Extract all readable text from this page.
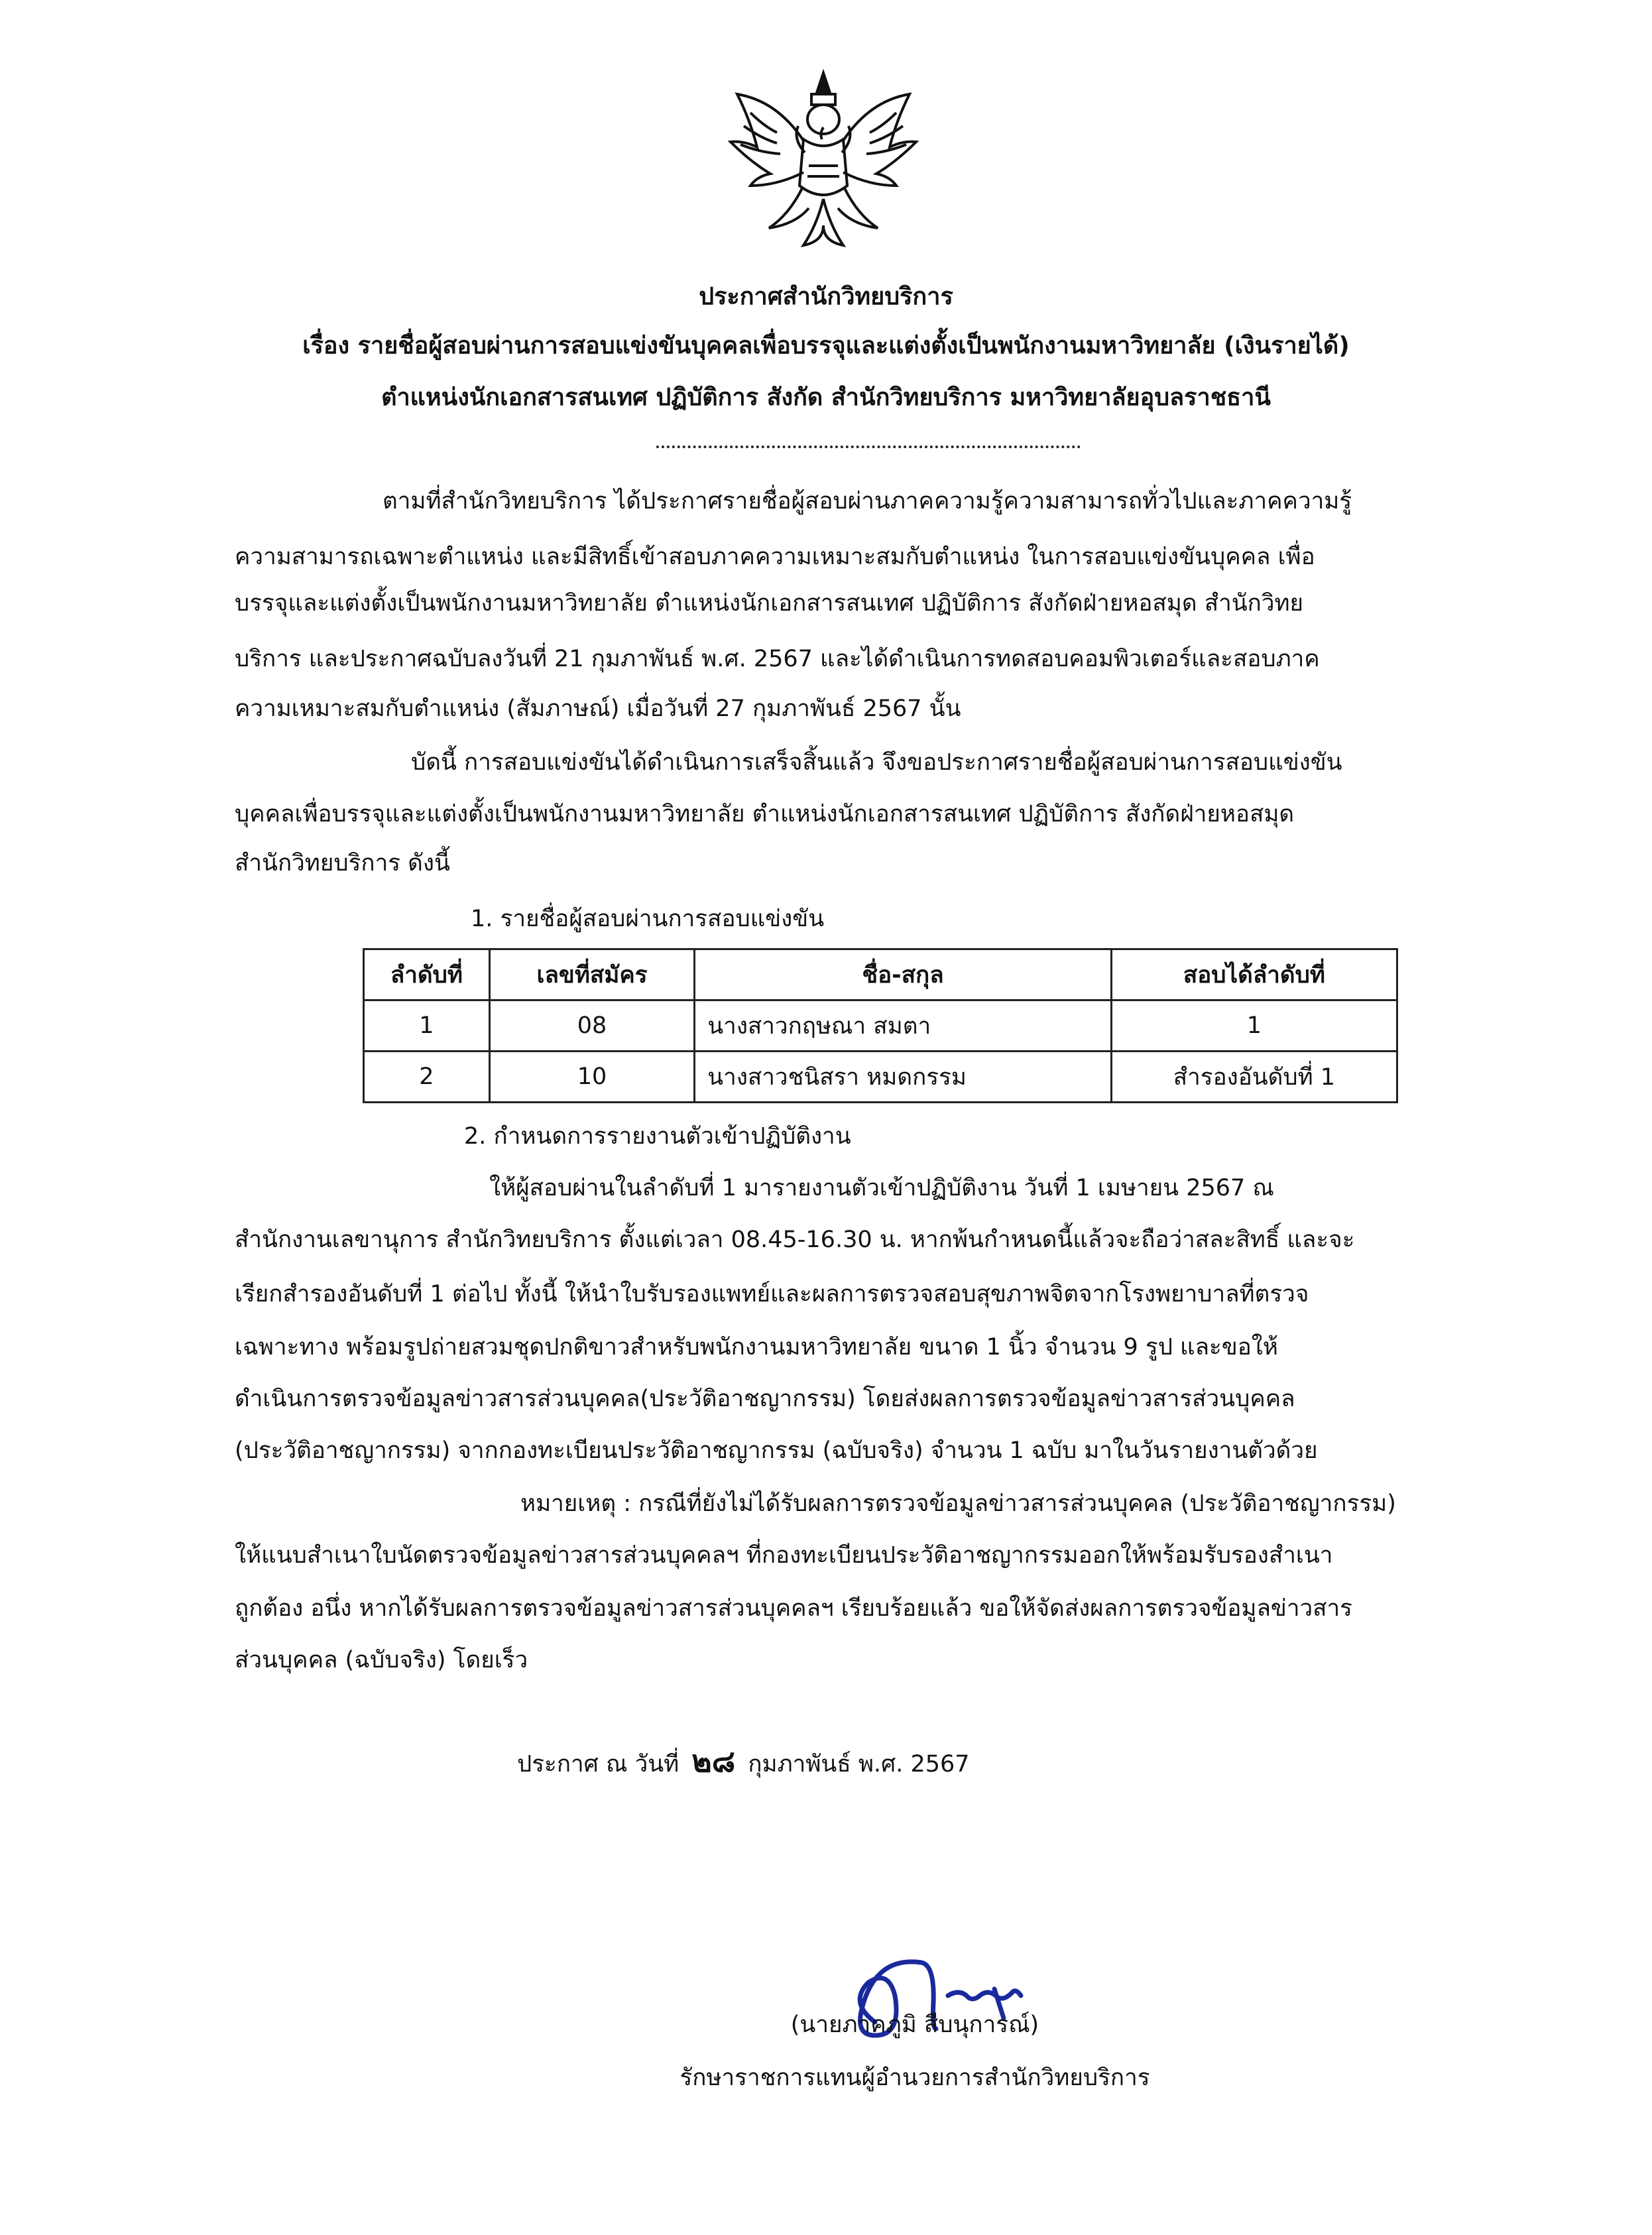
ประกาศสำนักวิทยบริการ
เรื่อง รายชื่อผู้สอบผ่านการสอบแข่งขันบุคคลเพื่อบรรจุและแต่งตั้งเป็นพนักงานมหาวิทยาลัย (เงินรายได้)
ตำแหน่งนักเอกสารสนเทศ ปฏิบัติการ สังกัด สำนักวิทยบริการ มหาวิทยาลัยอุบลราชธานี
ตามที่สำนักวิทยบริการ ได้ประกาศรายชื่อผู้สอบผ่านภาคความรู้ความสามารถทั่วไปและภาคความรู้
ความสามารถเฉพาะตำแหน่ง และมีสิทธิ์เข้าสอบภาคความเหมาะสมกับตำแหน่ง ในการสอบแข่งขันบุคคล เพื่อ
บรรจุและแต่งตั้งเป็นพนักงานมหาวิทยาลัย ตำแหน่งนักเอกสารสนเทศ ปฏิบัติการ สังกัดฝ่ายหอสมุด สำนักวิทย
บริการ และประกาศฉบับลงวันที่ 21 กุมภาพันธ์ พ.ศ. 2567 และได้ดำเนินการทดสอบคอมพิวเตอร์และสอบภาค
ความเหมาะสมกับตำแหน่ง (สัมภาษณ์) เมื่อวันที่ 27 กุมภาพันธ์ 2567 นั้น
บัดนี้ การสอบแข่งขันได้ดำเนินการเสร็จสิ้นแล้ว จึงขอประกาศรายชื่อผู้สอบผ่านการสอบแข่งขัน
บุคคลเพื่อบรรจุและแต่งตั้งเป็นพนักงานมหาวิทยาลัย ตำแหน่งนักเอกสารสนเทศ ปฏิบัติการ สังกัดฝ่ายหอสมุด
สำนักวิทยบริการ ดังนี้
1. รายชื่อผู้สอบผ่านการสอบแข่งขัน
ลำดับที่	เลขที่สมัคร	ชื่อ-สกุล	สอบได้ลำดับที่
1	08	นางสาวกฤษณา สมตา	1
2	10	นางสาวชนิสรา หมดกรรม	สำรองอันดับที่ 1
2. กำหนดการรายงานตัวเข้าปฏิบัติงาน
ให้ผู้สอบผ่านในลำดับที่ 1 มารายงานตัวเข้าปฏิบัติงาน วันที่ 1 เมษายน 2567 ณ
สำนักงานเลขานุการ สำนักวิทยบริการ ตั้งแต่เวลา 08.45-16.30 น. หากพ้นกำหนดนี้แล้วจะถือว่าสละสิทธิ์ และจะ
เรียกสำรองอันดับที่ 1 ต่อไป ทั้งนี้ ให้นำใบรับรองแพทย์และผลการตรวจสอบสุขภาพจิตจากโรงพยาบาลที่ตรวจ
เฉพาะทาง พร้อมรูปถ่ายสวมชุดปกติขาวสำหรับพนักงานมหาวิทยาลัย ขนาด 1 นิ้ว จำนวน 9 รูป และขอให้
ดำเนินการตรวจข้อมูลข่าวสารส่วนบุคคล(ประวัติอาชญากรรม) โดยส่งผลการตรวจข้อมูลข่าวสารส่วนบุคคล
(ประวัติอาชญากรรม) จากกองทะเบียนประวัติอาชญากรรม (ฉบับจริง) จำนวน 1 ฉบับ มาในวันรายงานตัวด้วย
หมายเหตุ : กรณีที่ยังไม่ได้รับผลการตรวจข้อมูลข่าวสารส่วนบุคคล (ประวัติอาชญากรรม)
ให้แนบสำเนาใบนัดตรวจข้อมูลข่าวสารส่วนบุคคลฯ ที่กองทะเบียนประวัติอาชญากรรมออกให้พร้อมรับรองสำเนา
ถูกต้อง อนึ่ง หากได้รับผลการตรวจข้อมูลข่าวสารส่วนบุคคลฯ เรียบร้อยแล้ว ขอให้จัดส่งผลการตรวจข้อมูลข่าวสาร
ส่วนบุคคล (ฉบับจริง) โดยเร็ว
ประกาศ ณ วันที่ ๒๘ กุมภาพันธ์ พ.ศ. 2567
(นายภาคภูมิ สืบนุการณ์)
รักษาราชการแทนผู้อำนวยการสำนักวิทยบริการ
